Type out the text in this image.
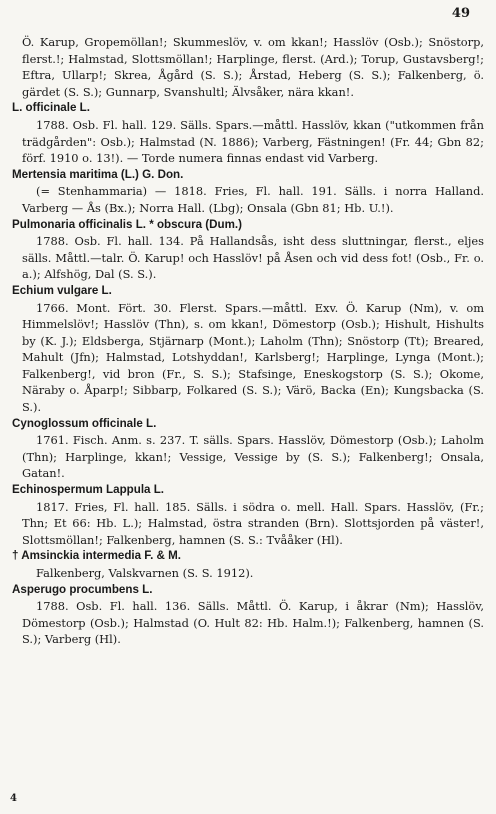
49

Ö. Karup, Gropemöllan!; Skummeslöv, v. om kkan!; Hasslöv (Osb.); Snöstorp, flerst.!; Halmstad, Slottsmöllan!; Harplinge, flerst. (Ard.); Torup, Gustavsberg!; Eftra, Ullarp!; Skrea, Ågård (S. S.); Årstad, Heberg (S. S.); Falkenberg, ö. gärdet (S. S.); Gunnarp, Svanshultl; Älvsåker, nära kkan!.

L. officinale L.

1788. Osb. Fl. hall. 129. Sälls. Spars.—måttl. Hasslöv, kkan ("utkommen från trädgården": Osb.); Halmstad (N. 1886); Varberg, Fästningen! (Fr. 44; Gbn 82; förf. 1910 o. 13!). — Torde numera finnas endast vid Varberg.

Mertensia maritima (L.) G. Don.

(= Stenhammaria) — 1818. Fries, Fl. hall. 191. Sälls. i norra Halland. Varberg — Ås (Bx.); Norra Hall. (Lbg); Onsala (Gbn 81; Hb. U.!).

Pulmonaria officinalis L. * obscura (Dum.)

1788. Osb. Fl. hall. 134. På Hallandsås, isht dess sluttningar, flerst., eljes sälls. Måttl.—talr. Ö. Karup! och Hasslöv! på Åsen och vid dess fot! (Osb., Fr. o. a.); Alfshög, Dal (S. S.).

Echium vulgare L.

1766. Mont. Fört. 30. Flerst. Spars.—måttl. Exv. Ö. Karup (Nm), v. om Himmelslöv!; Hasslöv (Thn), s. om kkan!, Dömestorp (Osb.); Hishult, Hishults by (K. J.); Eldsberga, Stjärnarp (Mont.); Laholm (Thn); Snöstorp (Tt); Breared, Mahult (Jfn); Halmstad, Lotshyddan!, Karlsberg!; Harplinge, Lynga (Mont.); Falkenberg!, vid bron (Fr., S. S.); Stafsinge, Eneskogstorp (S. S.); Okome, Näraby o. Åparp!; Sibbarp, Folkared (S. S.); Värö, Backa (En); Kungsbacka (S. S.).

Cynoglossum officinale L.

1761. Fisch. Anm. s. 237. T. sälls. Spars. Hasslöv, Dömestorp (Osb.); Laholm (Thn); Harplinge, kkan!; Vessige, Vessige by (S. S.); Falkenberg!; Onsala, Gatan!.

Echinospermum Lappula L.

1817. Fries, Fl. hall. 185. Sälls. i södra o. mell. Hall. Spars. Hasslöv, (Fr.; Thn; Et 66: Hb. L.); Halmstad, östra stranden (Brn). Slottsjorden på väster!, Slottsmöllan!; Falkenberg, hamnen (S. S.: Tvååker (Hl).

† Amsinckia intermedia F. & M.

Falkenberg, Valskvarnen (S. S. 1912).

Asperugo procumbens L.

1788. Osb. Fl. hall. 136. Sälls. Måttl. Ö. Karup, i åkrar (Nm); Hasslöv, Dömestorp (Osb.); Halmstad (O. Hult 82: Hb. Halm.!); Falkenberg, hamnen (S. S.); Varberg (Hl).

4
